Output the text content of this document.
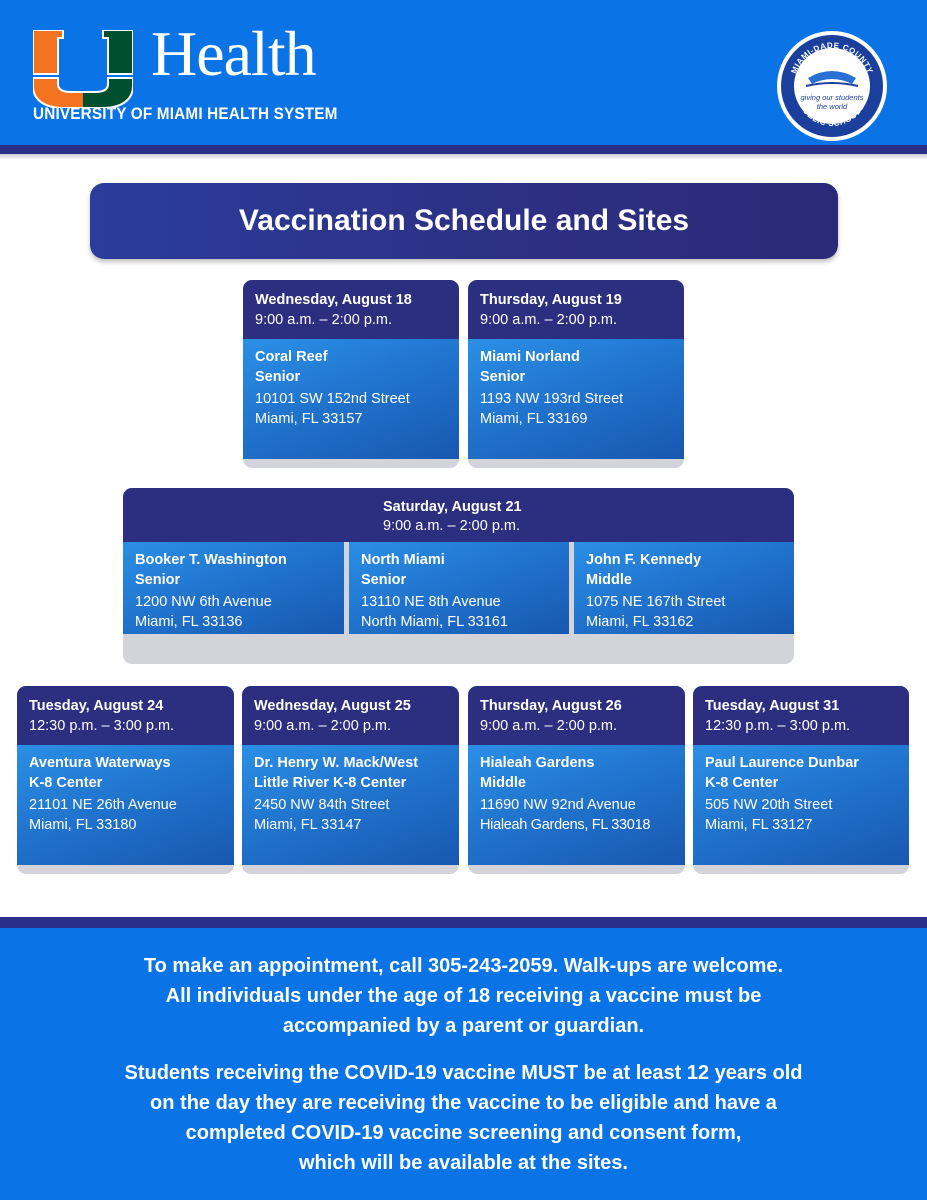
Health
UNIVERSITY OF MIAMI HEALTH SYSTEM
MIAMI-DADE COUNTY
PUBLIC SCHOOLS
giving our students
the world
Vaccination Schedule and Sites
Wednesday, August 18
9:00 a.m. – 2:00 p.m.
Coral Reef
Senior
10101 SW 152nd Street
Miami, FL 33157
Thursday, August 19
9:00 a.m. – 2:00 p.m.
Miami Norland
Senior
1193 NW 193rd Street
Miami, FL 33169
Saturday, August 21
9:00 a.m. – 2:00 p.m.
Booker T. Washington
Senior
1200 NW 6th Avenue
Miami, FL 33136
North Miami
Senior
13110 NE 8th Avenue
North Miami, FL 33161
John F. Kennedy
Middle
1075 NE 167th Street
Miami, FL 33162
Tuesday, August 24
12:30 p.m. – 3:00 p.m.
Aventura Waterways
K-8 Center
21101 NE 26th Avenue
Miami, FL 33180
Wednesday, August 25
9:00 a.m. – 2:00 p.m.
Dr. Henry W. Mack/West
Little River K-8 Center
2450 NW 84th Street
Miami, FL 33147
Thursday, August 26
9:00 a.m. – 2:00 p.m.
Hialeah Gardens
Middle
11690 NW 92nd Avenue
Hialeah Gardens, FL 33018
Tuesday, August 31
12:30 p.m. – 3:00 p.m.
Paul Laurence Dunbar
K-8 Center
505 NW 20th Street
Miami, FL 33127

To make an appointment, call 305-243-2059. Walk-ups are welcome.

All individuals under the age of 18 receiving a vaccine must be

accompanied by a parent or guardian.

Students receiving the COVID-19 vaccine MUST be at least 12 years old

on the day they are receiving the vaccine to be eligible and have a

completed COVID-19 vaccine screening and consent form,

which will be available at the sites.
